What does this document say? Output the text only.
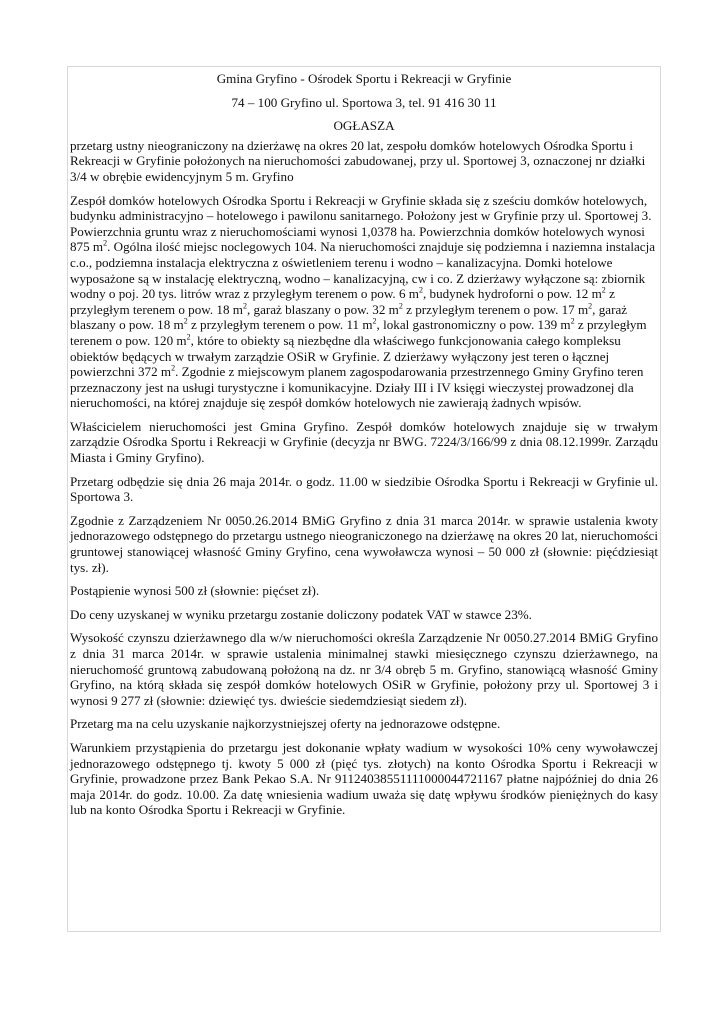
Gmina Gryfino - Ośrodek Sportu i Rekreacji w Gryfinie

74 – 100 Gryfino ul. Sportowa 3, tel. 91 416 30 11

OGŁASZA

przetarg ustny nieograniczony na dzierżawę na okres 20 lat, zespołu domków hotelowych Ośrodka Sportu i Rekreacji w Gryfinie położonych na nieruchomości zabudowanej, przy ul. Sportowej 3, oznaczonej nr działki 3/4 w obrębie ewidencyjnym 5 m. Gryfino

Zespół domków hotelowych Ośrodka Sportu i Rekreacji w Gryfinie składa się z sześciu domków hotelowych, budynku administracyjno – hotelowego i pawilonu sanitarnego. Położony jest w Gryfinie przy ul. Sportowej 3. Powierzchnia gruntu wraz z nieruchomościami wynosi 1,0378 ha. Powierzchnia domków hotelowych wynosi 875 $m^2$. Ogólna ilość miejsc noclegowych 104. Na nieruchomości znajduje się podziemna i naziemna instalacja c.o., podziemna instalacja elektryczna z oświetleniem terenu i wodno – kanalizacyjna. Domki hotelowe wyposażone są w instalację elektryczną, wodno – kanalizacyjną, cw i co. Z dzierżawy wyłączone są: zbiornik wodny o poj. 20 tys. litrów wraz z przyległym terenem o pow. 6 $m^2$, budynek hydroforni o pow. 12 $m^2$ z przyległym terenem o pow. 18 $m^2$, garaż blaszany o pow. 32 $m^2$ z przyległym terenem o pow. 17 $m^2$, garaż blaszany o pow. 18 $m^2$ z przyległym terenem o pow. 11 $m^2$, lokal gastronomiczny o pow. 139 $m^2$ z przyległym terenem o pow. 120 $m^2$, które to obiekty są niezbędne dla właściwego funkcjonowania całego kompleksu obiektów będących w trwałym zarządzie OSiR w Gryfinie. Z dzierżawy wyłączony jest teren o łącznej powierzchni 372 $m^2$. Zgodnie z miejscowym planem zagospodarowania przestrzennego Gminy Gryfino teren przeznaczony jest na usługi turystyczne i komunikacyjne. Działy III i IV księgi wieczystej prowadzonej dla nieruchomości, na której znajduje się zespół domków hotelowych nie zawierają żadnych wpisów.

Właścicielem nieruchomości jest Gmina Gryfino. Zespół domków hotelowych znajduje się w trwałym zarządzie Ośrodka Sportu i Rekreacji w Gryfinie (decyzja nr BWG. 7224/3/166/99 z dnia 08.12.1999r. Zarządu Miasta i Gminy Gryfino).

Przetarg odbędzie się dnia 26 maja 2014r. o godz. 11.00 w siedzibie Ośrodka Sportu i Rekreacji w Gryfinie ul. Sportowa 3.

Zgodnie z Zarządzeniem Nr 0050.26.2014 BMiG Gryfino z dnia 31 marca 2014r. w sprawie ustalenia kwoty jednorazowego odstępnego do przetargu ustnego nieograniczonego na dzierżawę na okres 20 lat, nieruchomości gruntowej stanowiącej własność Gminy Gryfino, cena wywoławcza wynosi – 50 000 zł (słownie: pięćdziesiąt tys. zł).

Postąpienie wynosi 500 zł (słownie: pięćset zł).

Do ceny uzyskanej w wyniku przetargu zostanie doliczony podatek VAT w stawce 23%.

Wysokość czynszu dzierżawnego dla w/w nieruchomości określa Zarządzenie Nr 0050.27.2014 BMiG Gryfino z dnia 31 marca 2014r. w sprawie ustalenia minimalnej stawki miesięcznego czynszu dzierżawnego, na nieruchomość gruntową zabudowaną położoną na dz. nr 3/4 obręb 5 m. Gryfino, stanowiącą własność Gminy Gryfino, na którą składa się zespół domków hotelowych OSiR w Gryfinie, położony przy ul. Sportowej 3 i wynosi 9 277 zł (słownie: dziewięć tys. dwieście siedemdziesiąt siedem zł).

Przetarg ma na celu uzyskanie najkorzystniejszej oferty na jednorazowe odstępne.

Warunkiem przystąpienia do przetargu jest dokonanie wpłaty wadium w wysokości 10% ceny wywoławczej jednorazowego odstępnego tj. kwoty 5 000 zł (pięć tys. złotych) na konto Ośrodka Sportu i Rekreacji w Gryfinie, prowadzone przez Bank Pekao S.A. Nr 91124038551111000044721167 płatne najpóźniej do dnia 26 maja 2014r. do godz. 10.00. Za datę wniesienia wadium uważa się datę wpływu środków pieniężnych do kasy lub na konto Ośrodka Sportu i Rekreacji w Gryfinie.
